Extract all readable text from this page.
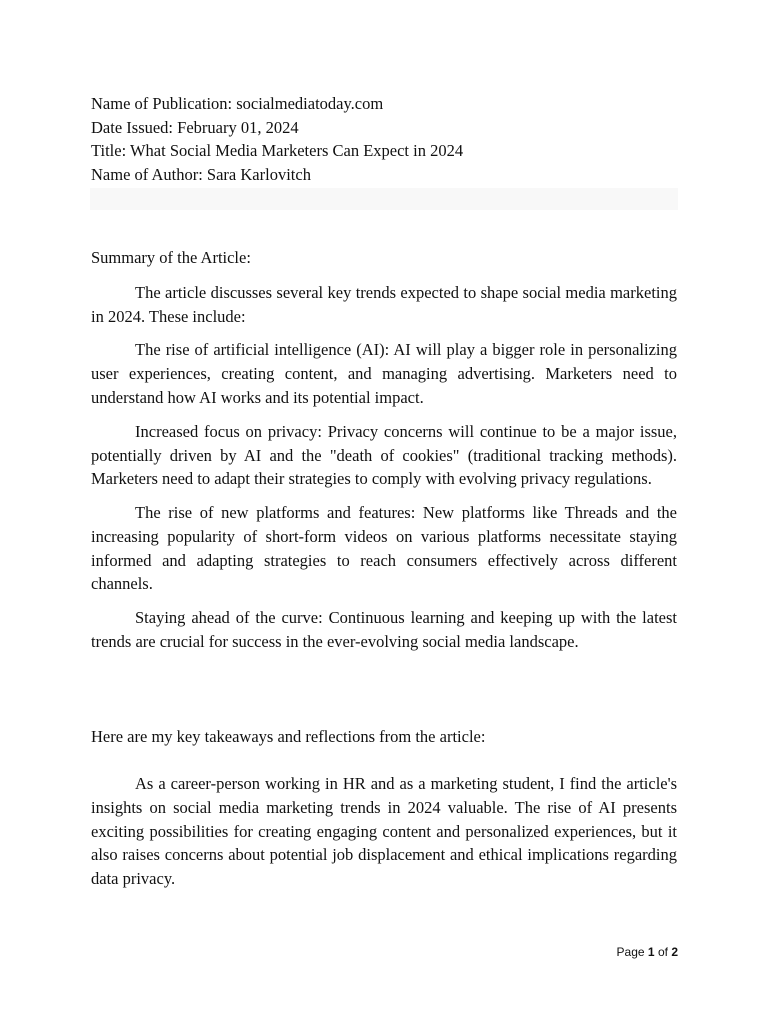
Name of Publication: socialmediatoday.com
Date Issued: February 01, 2024
Title: What Social Media Marketers Can Expect in 2024
Name of Author: Sara Karlovitch
Summary of the Article:

The article discusses several key trends expected to shape social media marketing in 2024. These include:

The rise of artificial intelligence (AI): AI will play a bigger role in personalizing user experiences, creating content, and managing advertising. Marketers need to understand how AI works and its potential impact.

Increased focus on privacy: Privacy concerns will continue to be a major issue, potentially driven by AI and the "death of cookies" (traditional tracking methods). Marketers need to adapt their strategies to comply with evolving privacy regulations.

The rise of new platforms and features: New platforms like Threads and the increasing popularity of short-form videos on various platforms necessitate staying informed and adapting strategies to reach consumers effectively across different channels.

Staying ahead of the curve: Continuous learning and keeping up with the latest trends are crucial for success in the ever-evolving social media landscape.

Here are my key takeaways and reflections from the article:

As a career-person working in HR and as a marketing student, I find the article's insights on social media marketing trends in 2024 valuable. The rise of AI presents exciting possibilities for creating engaging content and personalized experiences, but it also raises concerns about potential job displacement and ethical implications regarding data privacy.

Page 1 of 2
